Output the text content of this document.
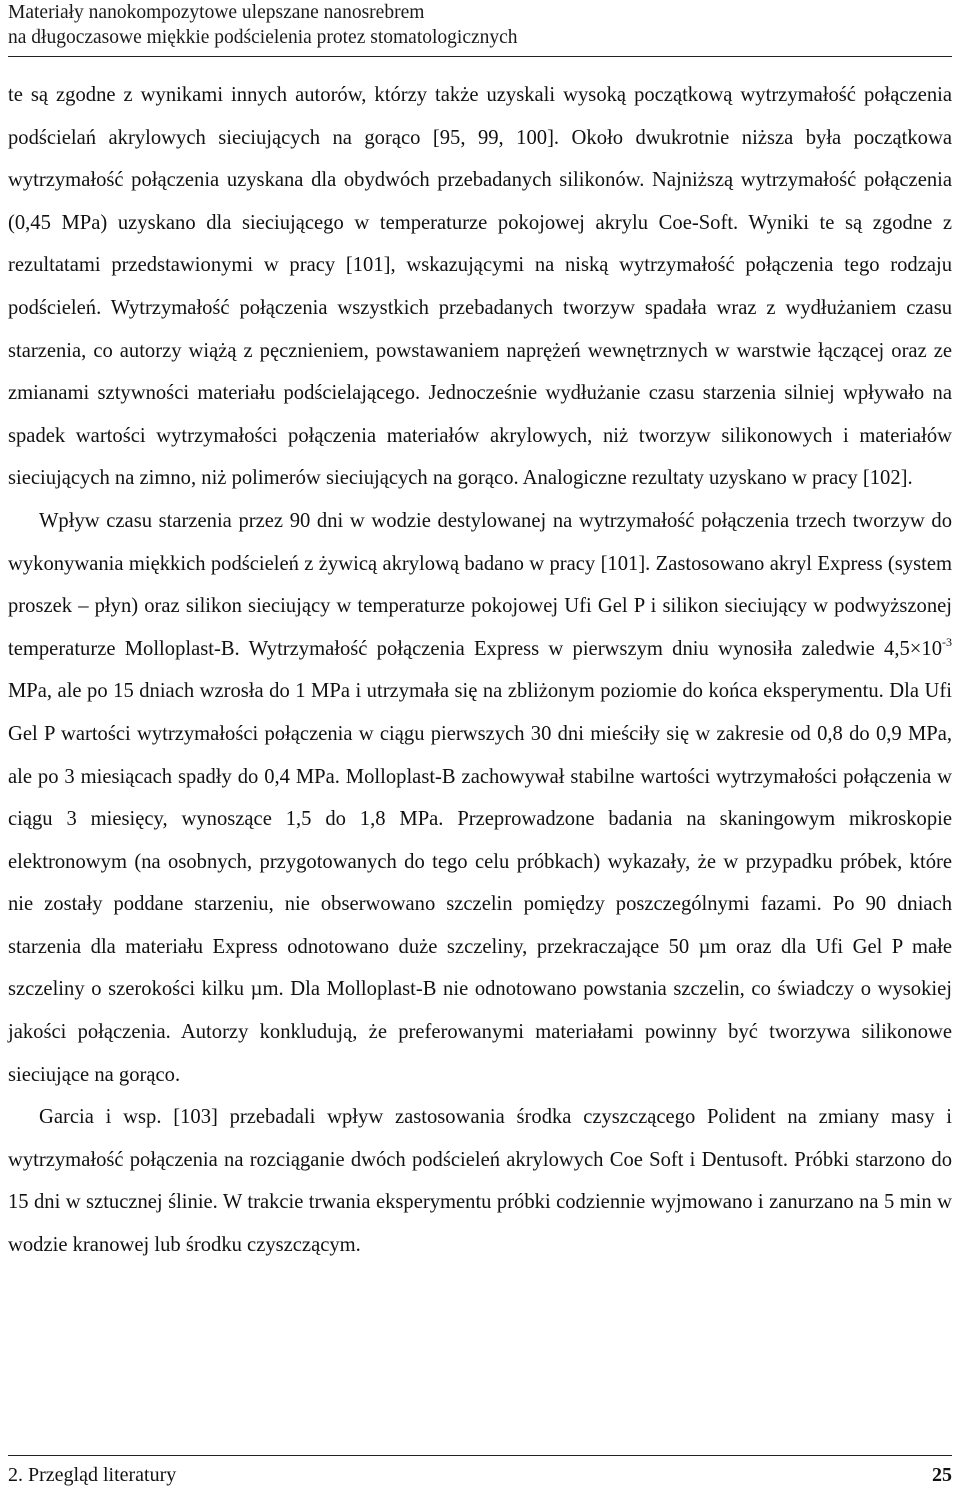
Materiały nanokompozytowe ulepszane nanosrebrem
na długoczasowe miękkie podścielenia protez stomatologicznych

te są zgodne z wynikami innych autorów, którzy także uzyskali wysoką początkową wytrzymałość połączenia podścielań akrylowych sieciujących na gorąco [95, 99, 100]. Około dwukrotnie niższa była początkowa wytrzymałość połączenia uzyskana dla obydwóch przebadanych silikonów. Najniższą wytrzymałość połączenia (0,45 MPa) uzyskano dla sieciującego w temperaturze pokojowej akrylu Coe-Soft. Wyniki te są zgodne z rezultatami przedstawionymi w pracy [101], wskazującymi na niską wytrzymałość połączenia tego rodzaju podścieleń. Wytrzymałość połączenia wszystkich przebadanych tworzyw spadała wraz z wydłużaniem czasu starzenia, co autorzy wiążą z pęcznieniem, powstawaniem naprężeń wewnętrznych w warstwie łączącej oraz ze zmianami sztywności materiału podścielającego. Jednocześnie wydłużanie czasu starzenia silniej wpływało na spadek wartości wytrzymałości połączenia materiałów akrylowych, niż tworzyw silikonowych i materiałów sieciujących na zimno, niż polimerów sieciujących na gorąco. Analogiczne rezultaty uzyskano w pracy [102].

Wpływ czasu starzenia przez 90 dni w wodzie destylowanej na wytrzymałość połączenia trzech tworzyw do wykonywania miękkich podścieleń z żywicą akrylową badano w pracy [101]. Zastosowano akryl Express (system proszek – płyn) oraz silikon sieciujący w temperaturze pokojowej Ufi Gel P i silikon sieciujący w podwyższonej temperaturze Molloplast-B. Wytrzymałość połączenia Express w pierwszym dniu wynosiła zaledwie $4,5\times 10^{-3}$ MPa, ale po 15 dniach wzrosła do 1 MPa i utrzymała się na zbliżonym poziomie do końca eksperymentu. Dla Ufi Gel P wartości wytrzymałości połączenia w ciągu pierwszych 30 dni mieściły się w zakresie od 0,8 do 0,9 MPa, ale po 3 miesiącach spadły do 0,4 MPa. Molloplast-B zachowywał stabilne wartości wytrzymałości połączenia w ciągu 3 miesięcy, wynoszące 1,5 do 1,8 MPa. Przeprowadzone badania na skaningowym mikroskopie elektronowym (na osobnych, przygotowanych do tego celu próbkach) wykazały, że w przypadku próbek, które nie zostały poddane starzeniu, nie obserwowano szczelin pomiędzy poszczególnymi fazami. Po 90 dniach starzenia dla materiału Express odnotowano duże szczeliny, przekraczające 50 µm oraz dla Ufi Gel P małe szczeliny o szerokości kilku µm. Dla Molloplast-B nie odnotowano powstania szczelin, co świadczy o wysokiej jakości połączenia. Autorzy konkludują, że preferowanymi materiałami powinny być tworzywa silikonowe sieciujące na gorąco.

Garcia i wsp. [103] przebadali wpływ zastosowania środka czyszczącego Polident na zmiany masy i wytrzymałość połączenia na rozciąganie dwóch podścieleń akrylowych Coe Soft i Dentusoft. Próbki starzono do 15 dni w sztucznej ślinie. W trakcie trwania eksperymentu próbki codziennie wyjmowano i zanurzano na 5 min w wodzie kranowej lub środku czyszczącym.

2. Przegląd literatury	25
